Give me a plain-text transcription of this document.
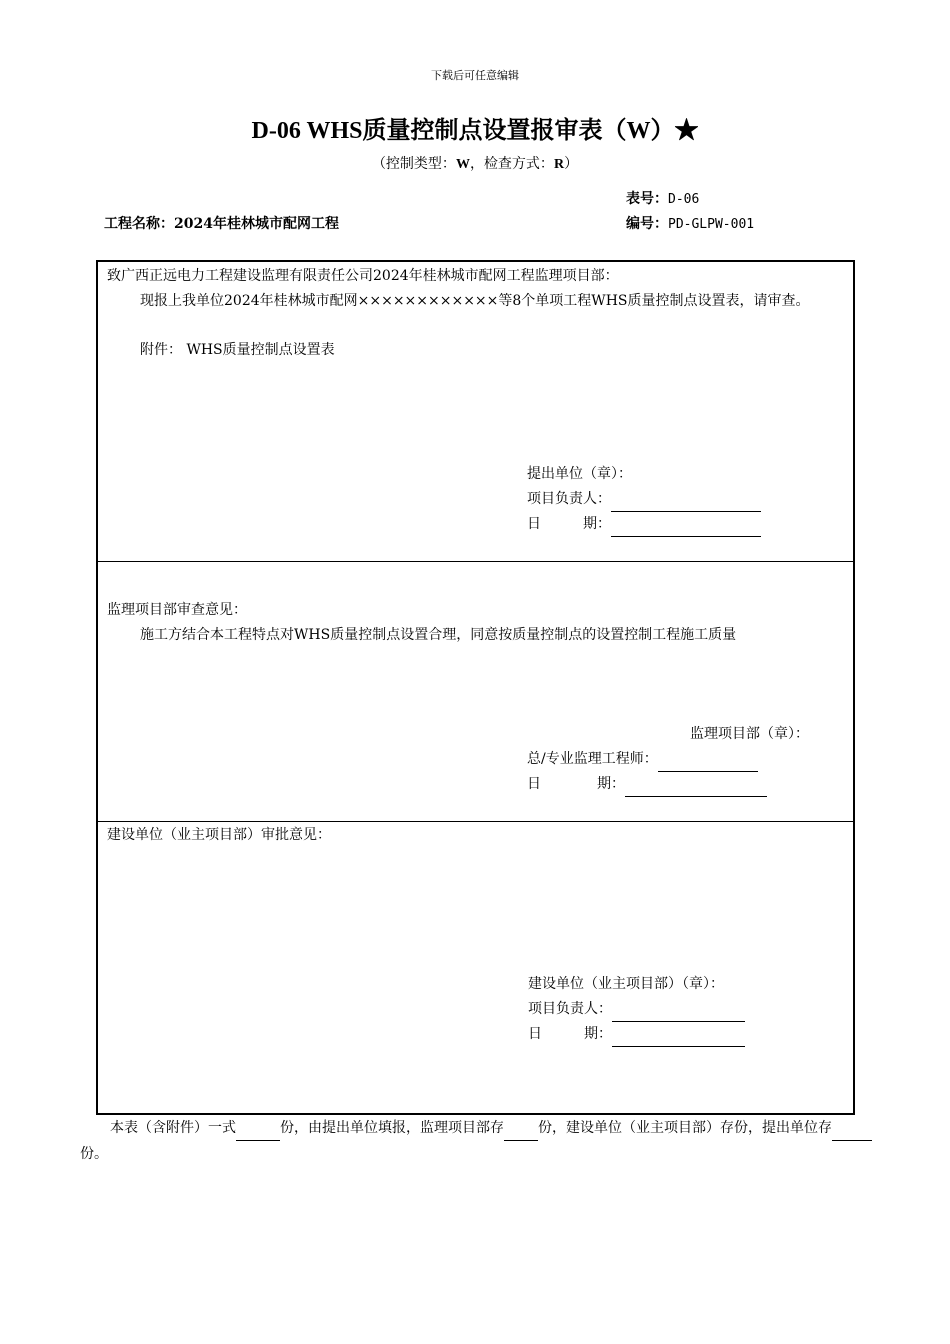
下载后可任意编辑
D-06 WHS质量控制点设置报审表（W）★
（控制类型：W，检查方式：R）
表号：D-06
工程名称：2024年桂林城市配网工程	编号：PD-GLPW-001
致广西正远电力工程建设监理有限责任公司2024年桂林城市配网工程监理项目部：
现报上我单位2024年桂林城市配网××××××××××××等8个单项工程WHS质量控制点设置表，请审查。
附件： WHS质量控制点设置表
提出单位（章）：
项目负责人：
日　　　期：
监理项目部审查意见：
施工方结合本工程特点对WHS质量控制点设置合理，同意按质量控制点的设置控制工程施工质量
监理项目部（章）：
总/专业监理工程师：
日　　　　期：
建设单位（业主项目部）审批意见：
建设单位（业主项目部）（章）：
项目负责人：
日　　　期：
本表（含附件）一式	份，由提出单位填报，监理项目部存 份，建设单位（业主项目部）存份，提出单位存份。
